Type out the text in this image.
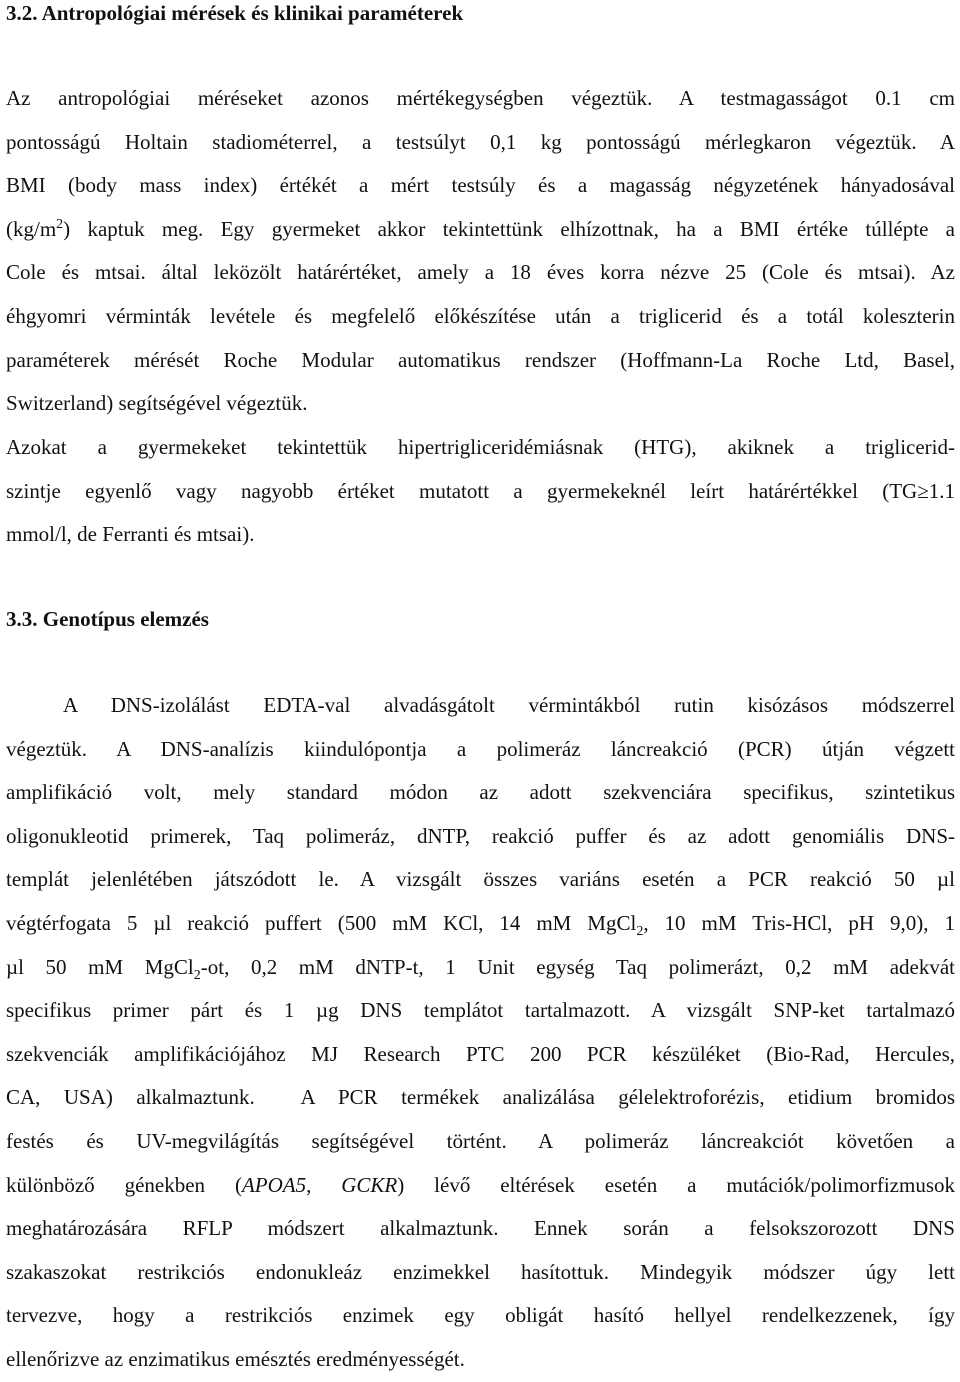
3.2. Antropológiai mérések és klinikai paraméterek
Az antropológiai méréseket azonos mértékegységben végeztük. A testmagasságot 0.1 cm
pontosságú Holtain stadiométerrel, a testsúlyt 0,1 kg pontosságú mérlegkaron végeztük. A
BMI (body mass index) értékét a mért testsúly és a magasság négyzetének hányadosával
$(kg/m^2)$ kaptuk meg. Egy gyermeket akkor tekintettünk elhízottnak, ha a BMI értéke túllépte a
Cole és mtsai. által leközölt határértéket, amely a 18 éves korra nézve 25 (Cole és mtsai). Az
éhgyomri vérminták levétele és megfelelő előkészítése után a triglicerid és a totál koleszterin
paraméterek mérését Roche Modular automatikus rendszer (Hoffmann-La Roche Ltd, Basel,
Switzerland) segítségével végeztük.
Azokat a gyermekeket tekintettük hipertrigliceridémiásnak (HTG), akiknek a triglicerid-
szintje egyenlő vagy nagyobb értéket mutatott a gyermekeknél leírt határértékkel (TG≥1.1
mmol/l, de Ferranti és mtsai).
3.3. Genotípus elemzés
A DNS-izolálást EDTA-val alvadásgátolt vérmintákból rutin kisózásos módszerrel
végeztük. A DNS-analízis kiindulópontja a polimeráz láncreakció (PCR) útján végzett
amplifikáció volt, mely standard módon az adott szekvenciára specifikus, szintetikus
oligonukleotid primerek, Taq polimeráz, dNTP, reakció puffer és az adott genomiális DNS-
templát jelenlétében játszódott le. A vizsgált összes variáns esetén a PCR reakció 50 µl
végtérfogata 5 µl reakció puffert (500 mM KCl, 14 mM MgCl$_2$, 10 mM Tris-HCl, pH 9,0), 1
µl 50 mM MgCl$_2$-ot, 0,2 mM dNTP-t, 1 Unit egység Taq polimerázt, 0,2 mM adekvát
specifikus primer párt és 1 µg DNS templátot tartalmazott. A vizsgált SNP-ket tartalmazó
szekvenciák amplifikációjához MJ Research PTC 200 PCR készüléket (Bio-Rad, Hercules,
CA, USA) alkalmaztunk.  A PCR termékek analizálása gélelektroforézis, etidium bromidos
festés és UV-megvilágítás segítségével történt. A polimeráz láncreakciót követően a
különböző génekben (APOA5, GCKR) lévő eltérések esetén a mutációk/polimorfizmusok
meghatározására RFLP módszert alkalmaztunk. Ennek során a felsokszorozott DNS
szakaszokat restrikciós endonukleáz enzimekkel hasítottuk. Mindegyik módszer úgy lett
tervezve, hogy a restrikciós enzimek egy obligát hasító hellyel rendelkezzenek, így
ellenőrizve az enzimatikus emésztés eredményességét.
